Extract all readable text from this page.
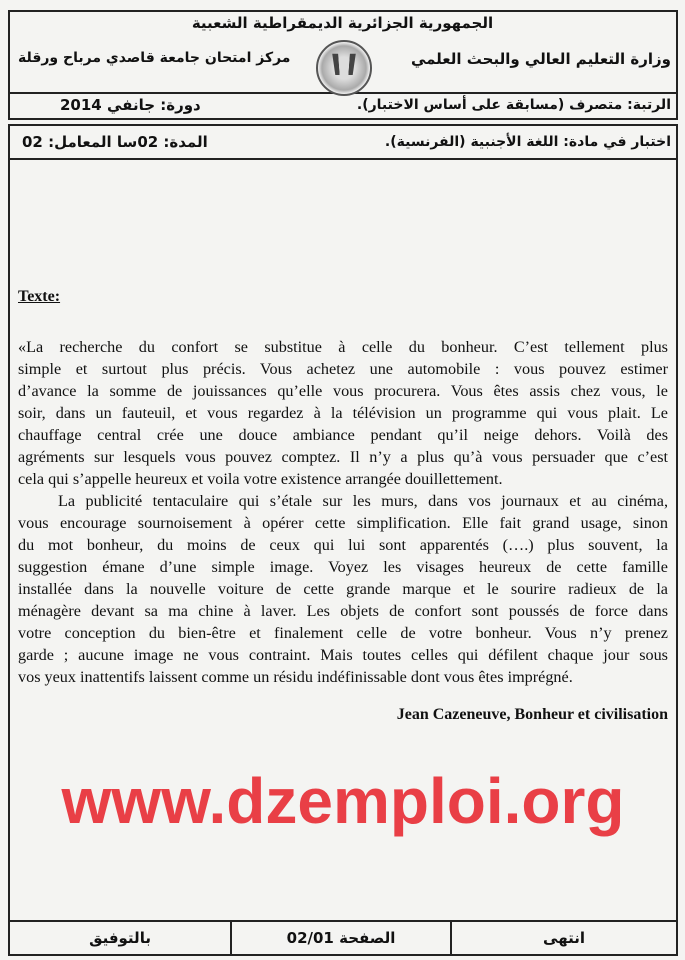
الجمهورية الجزائرية الديمقراطية الشعبية
وزارة التعليم العالي والبحث العلمي
مركز امتحان جامعة قاصدي مرباح ورقلة
الرتبة: متصرف (مسابقة على أساس الاختبار).
دورة: جانفي 2014
اختبار في مادة: اللغة الأجنبية (الفرنسية).
المدة: 02سا المعامل: 02
Texte:
«La recherche du confort se substitue à celle du bonheur. C’est tellement plus
simple et surtout plus précis. Vous achetez une automobile : vous pouvez estimer
d’avance la somme de jouissances qu’elle vous procurera. Vous êtes assis chez vous, le
soir, dans un fauteuil, et vous regardez à la télévision un programme qui vous plait. Le
chauffage central crée une douce ambiance pendant qu’il neige dehors. Voilà des
agréments sur lesquels vous pouvez comptez. Il n’y a plus qu’à vous persuader que c’est
cela qui s’appelle heureux et voila votre existence arrangée douillettement.
La publicité tentaculaire qui s’étale sur les murs, dans vos journaux et au cinéma,
vous encourage sournoisement à opérer cette simplification. Elle fait grand usage, sinon
du mot bonheur, du moins de ceux qui lui sont apparentés (….) plus souvent, la
suggestion émane d’une simple image. Voyez les visages heureux de cette famille
installée dans la nouvelle voiture de cette grande marque et le sourire radieux de la
ménagère devant sa ma chine à laver. Les objets de confort sont poussés de force dans
votre conception du bien-être et finalement celle de votre bonheur. Vous n’y prenez
garde ; aucune image ne vous contraint. Mais toutes celles qui défilent chaque jour sous
vos yeux inattentifs laissent comme un résidu indéfinissable dont vous êtes imprégné.
Jean Cazeneuve, Bonheur et civilisation
www.dzemploi.org
انتهى
الصفحة 02/01
بالتوفيق
